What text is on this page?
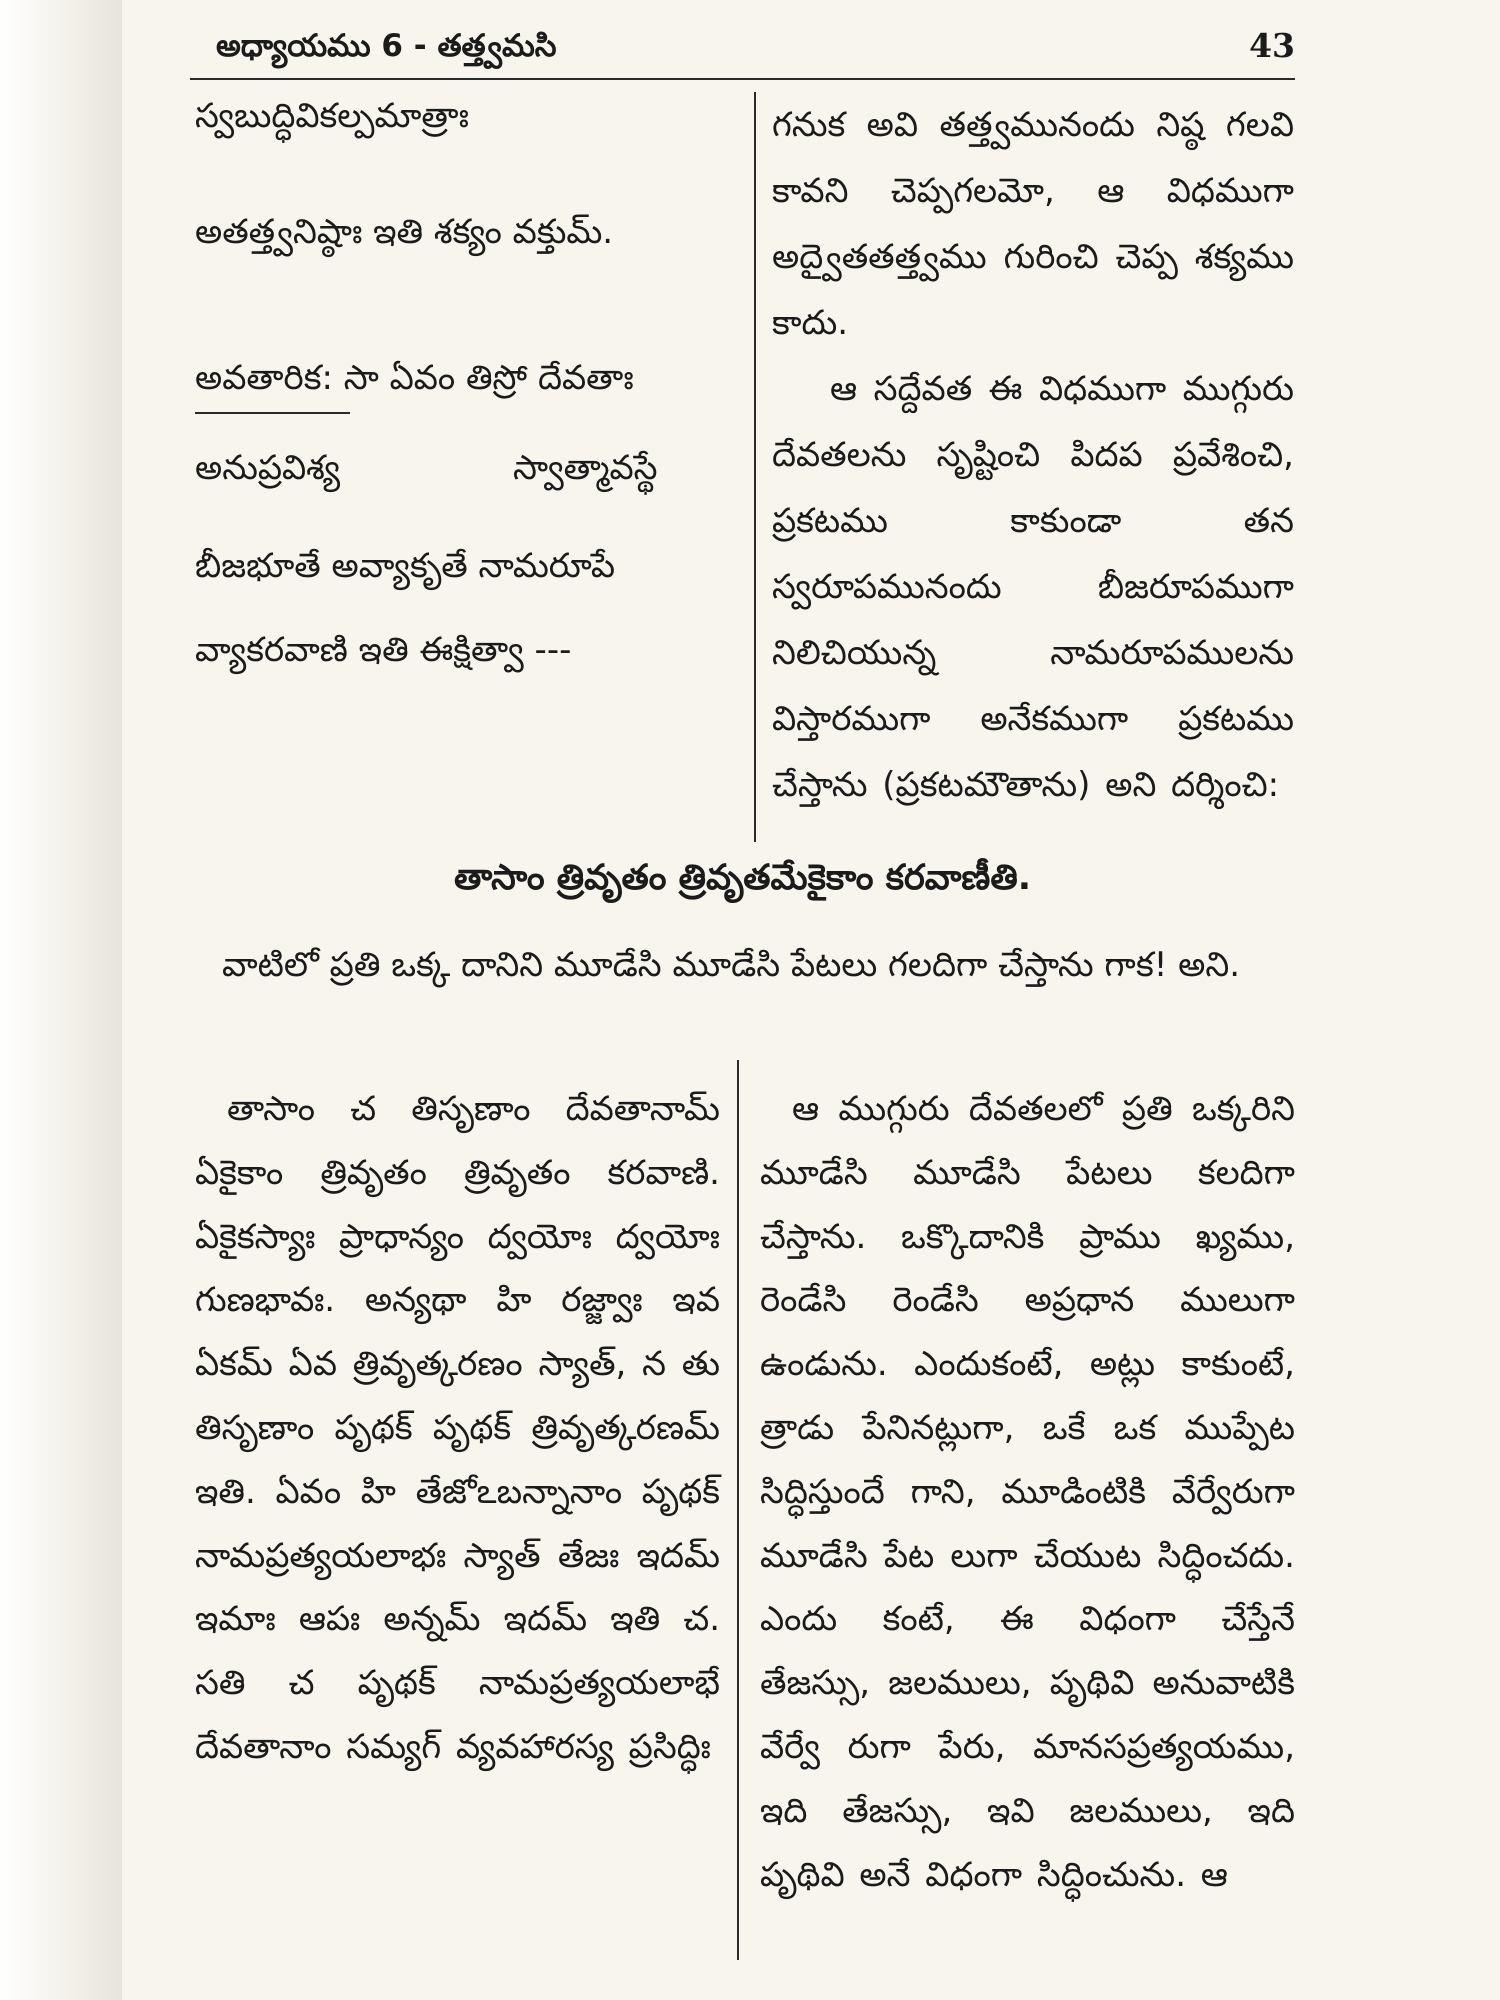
అధ్యాయము 6 - తత్త్వమసి	43

స్వబుద్ధివికల్పమాత్రాః

అతత్త్వనిష్ఠాః ఇతి శక్యం వక్తుమ్.

అవతారిక: సా ఏవం తిస్రో దేవతాః

అనుప్రవిశ్య                స్వాత్మావస్థే

బీజభూతే అవ్యాకృతే నామరూపే

వ్యాకరవాణి ఇతి ఈక్షిత్వా ---

గనుక అవి తత్త్వమునందు నిష్ఠ గలవి కావని చెప్పగలమో, ఆ విధముగా అద్వైతతత్త్వము గురించి చెప్ప శక్యము కాదు.

ఆ సద్దేవత ఈ విధముగా ముగ్గురు దేవతలను సృష్టించి పిదప ప్రవేశించి, ప్రకటము కాకుండా తన స్వరూపమునందు బీజరూపముగా నిలిచియున్న నామరూపములను విస్తారముగా అనేకముగా ప్రకటము చేస్తాను (ప్రకటమౌతాను) అని దర్శించి:

తాసాం త్రివృతం త్రివృతమేకైకాం కరవాణీతి.

వాటిలో ప్రతి ఒక్క దానిని మూడేసి మూడేసి పేటలు గలదిగా చేస్తాను గాక! అని.

తాసాం చ తిసృణాం దేవతానామ్ ఏకైకాం త్రివృతం త్రివృతం కరవాణి. ఏకైకస్యాః ప్రాధాన్యం ద్వయోః ద్వయోః గుణభావః. అన్యథా హి రజ్జ్వాః ఇవ ఏకమ్ ఏవ త్రివృత్కరణం స్యాత్, న తు తిసృణాం పృథక్ పృథక్ త్రివృత్కరణమ్ ఇతి. ఏవం హి తేజోఽబన్నానాం పృథక్ నామప్రత్యయలాభః స్యాత్ తేజః ఇదమ్ ఇమాః ఆపః అన్నమ్ ఇదమ్ ఇతి చ. సతి చ పృథక్ నామప్రత్యయలాభే దేవతానాం సమ్యగ్ వ్యవహారస్య ప్రసిద్ధిః

ఆ ముగ్గురు దేవతలలో ప్రతి ఒక్కరిని మూడేసి మూడేసి పేటలు కలదిగా చేస్తాను. ఒక్కొదానికి ప్రాము ఖ్యము, రెండేసి రెండేసి అప్రధాన ములుగా ఉండును. ఎందుకంటే, అట్లు కాకుంటే, త్రాడు పేనినట్లుగా, ఒకే ఒక ముప్పేట సిద్ధిస్తుందే గాని, మూడింటికి వేర్వేరుగా మూడేసి పేట లుగా చేయుట సిద్ధించదు. ఎందు కంటే, ఈ విధంగా చేస్తేనే తేజస్సు, జలములు, పృథివి అనువాటికి వేర్వే రుగా పేరు, మానసప్రత్యయము, ఇది తేజస్సు, ఇవి జలములు, ఇది పృథివి అనే విధంగా సిద్ధించును. ఆ
